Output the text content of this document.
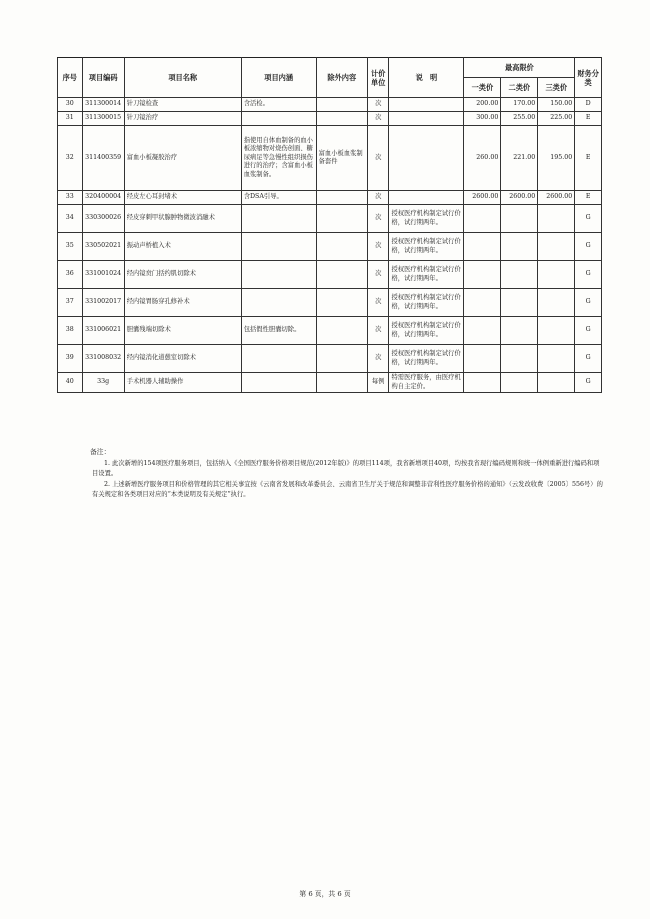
序号	项目编码	项目名称	项目内涵	除外内容	计价单位	说　明	最高限价			财务分类
							一类价	二类价	三类价	
30	311300014	针刀镜检查	含活检。		次		200.00	170.00	150.00	D
31	311300015	针刀镜治疗			次		300.00	255.00	225.00	E
32	311400359	富血小板凝胶治疗	指使用自体血制备的血小板浓缩物对烧伤创面、糖尿病足等急慢性组织损伤进行的治疗；含富血小板血浆制备。	富血小板血浆制备套件	次		260.00	221.00	195.00	E
33	320400004	经皮左心耳封堵术	含DSA引导。		次		2600.00	2600.00	2600.00	E
34	330300026	经皮穿刺甲状腺肿物微波消融术			次	授权医疗机构制定试行价格，试行期两年。				G
35	330502021	振动声桥植入术			次	授权医疗机构制定试行价格，试行期两年。				G
36	331001024	经内镜贲门括约肌切除术			次	授权医疗机构制定试行价格，试行期两年。				G
37	331002017	经内镜胃肠穿孔修补术			次	授权医疗机构制定试行价格，试行期两年。				G
38	331006021	胆囊残端切除术	包括假性胆囊切除。		次	授权医疗机构制定试行价格，试行期两年。				G
39	331008032	经内镜消化道憩室切除术			次	授权医疗机构制定试行价格，试行期两年。				G
40	33g	手术机器人辅助操作			每例	特需医疗服务，由医疗机构自主定价。				G
备注：
1. 此次新增的154项医疗服务项目，包括纳入《全国医疗服务价格项目规范(2012年版)》的项目114项，我省新增项目40项，均按我省现行编码规则和统一体例重新进行编码和项目设置。
2. 上述新增医疗服务项目和价格管理的其它相关事宜按《云南省发展和改革委员会、云南省卫生厅关于规范和调整非营利性医疗服务价格的通知》（云发改收费〔2005〕556号）的有关规定和各类项目对应的“本类说明及有关规定”执行。
第 6 页，共 6 页
